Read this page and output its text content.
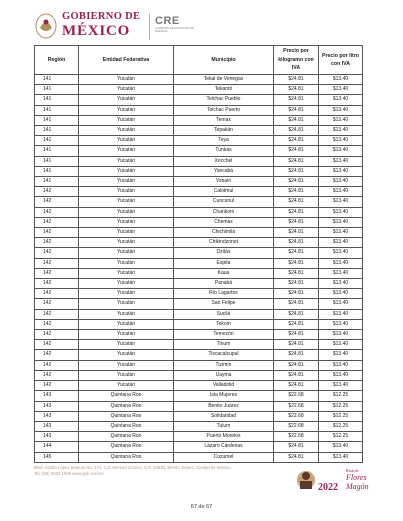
GOBIERNO DE
MÉXICO
CRE
COMISIÓN REGULADORA DE ENERGÍA
Región	Entidad Federativa	Municipio	Precio por kilogramo con IVA	Precio por litro con IVA
141	Yucatán	Tekal de Venegas	$24.81	$13.40
141	Yucatán	Tekantó	$24.81	$13.40
141	Yucatán	Telchac Pueblo	$24.81	$13.40
141	Yucatán	Telchac Puerto	$24.81	$13.40
141	Yucatán	Temax	$24.81	$13.40
141	Yucatán	Tepakán	$24.81	$13.40
141	Yucatán	Teya	$24.81	$13.40
141	Yucatán	Tunkás	$24.81	$13.40
141	Yucatán	Xocchel	$24.81	$13.40
141	Yucatán	Yaxcabá	$24.81	$13.40
141	Yucatán	Yobaín	$24.81	$13.40
142	Yucatán	Calotmul	$24.81	$13.40
142	Yucatán	Cuncunul	$24.81	$13.40
142	Yucatán	Chankom	$24.81	$13.40
142	Yucatán	Chemax	$24.81	$13.40
142	Yucatán	Chichimilá	$24.81	$13.40
142	Yucatán	Chikindzonot	$24.81	$13.40
142	Yucatán	Dzitás	$24.81	$13.40
142	Yucatán	Espita	$24.81	$13.40
142	Yucatán	Kaua	$24.81	$13.40
142	Yucatán	Panabá	$24.81	$13.40
142	Yucatán	Río Lagartos	$24.81	$13.40
142	Yucatán	San Felipe	$24.81	$13.40
142	Yucatán	Sucilá	$24.81	$13.40
142	Yucatán	Tekom	$24.81	$13.40
142	Yucatán	Temozón	$24.81	$13.40
142	Yucatán	Tinum	$24.81	$13.40
142	Yucatán	Tixcacalcupul	$24.81	$13.40
142	Yucatán	Tizimín	$24.81	$13.40
142	Yucatán	Uayma	$24.81	$13.40
142	Yucatán	Valladolid	$24.81	$13.40
143	Quintana Roo	Isla Mujeres	$22.68	$12.25
143	Quintana Roo	Benito Juárez	$22.68	$12.25
143	Quintana Roo	Solidaridad	$22.68	$12.25
143	Quintana Roo	Tulum	$22.68	$12.25
143	Quintana Roo	Puerto Morelos	$22.68	$12.25
144	Quintana Roo	Lázaro Cárdenas	$24.81	$13.40
145	Quintana Roo	Cozumel	$24.81	$13.40
Blvd. Adolfo López Mateos No. 172, Col. Merced Gómez, C.P. 03930, Benito Juárez, Ciudad de México.
Tel: (55) 5283 1500 www.gob.mx/cre
2022
Ricardo
Flores
Magón
67 de 67
